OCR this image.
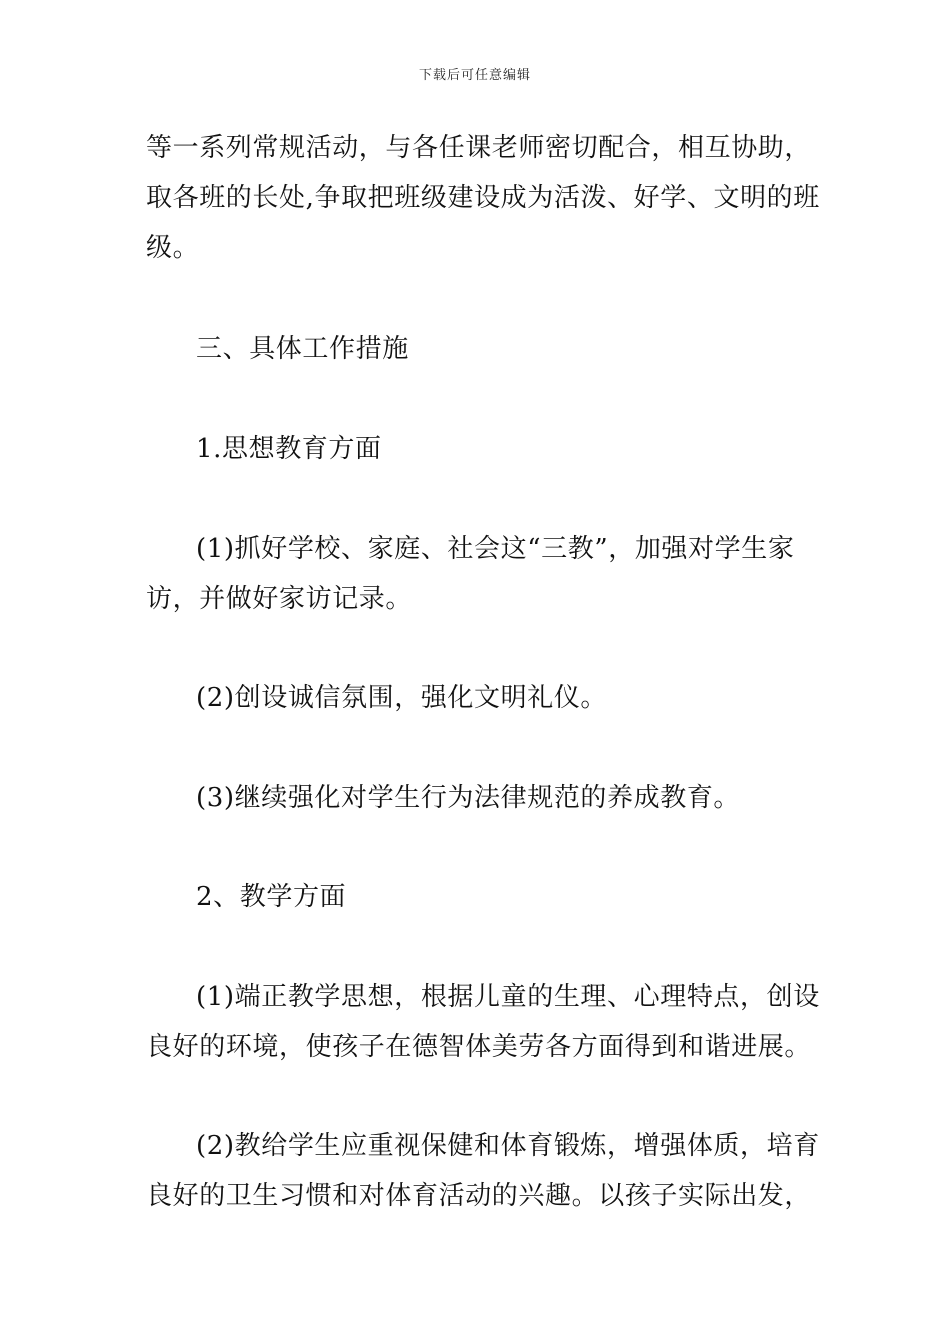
下载后可任意编辑
等一系列常规活动，与各任课老师密切配合，相互协助，
取各班的长处,争取把班级建设成为活泼、好学、文明的班
级。
三、具体工作措施
1.思想教育方面
(1)抓好学校、家庭、社会这“三教”，加强对学生家
访，并做好家访记录。
(2)创设诚信氛围，强化文明礼仪。
(3)继续强化对学生行为法律规范的养成教育。
2、教学方面
(1)端正教学思想，根据儿童的生理、心理特点，创设
良好的环境，使孩子在德智体美劳各方面得到和谐进展。
(2)教给学生应重视保健和体育锻炼，增强体质，培育
良好的卫生习惯和对体育活动的兴趣。以孩子实际出发，
